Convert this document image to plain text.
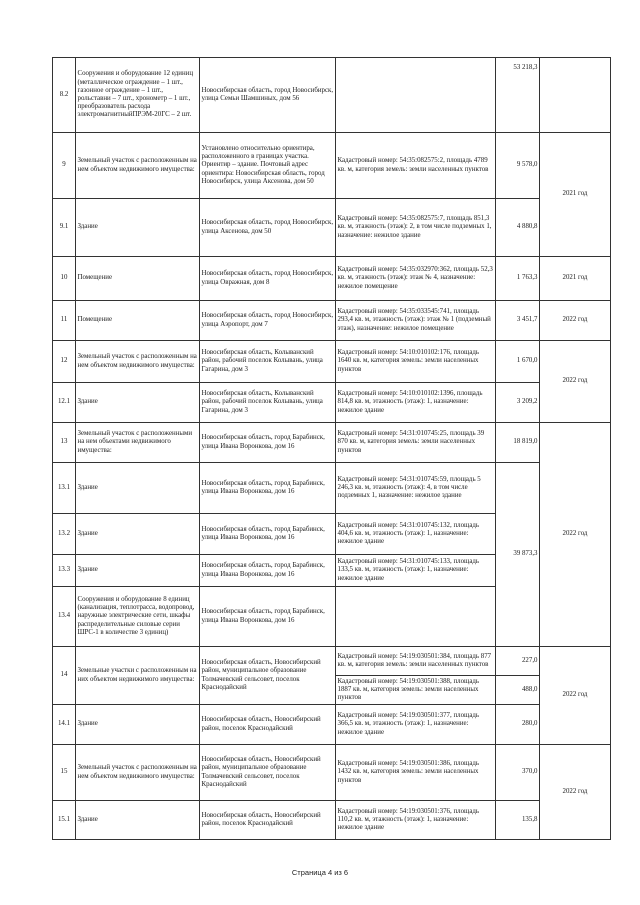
8.2	Сооружения и оборудование 12 единиц (металлическое ограждение – 1 шт., газонное ограждение – 1 шт., рольставни – 7 шт., хронометр – 1 шт., преобразователь расхода электромагнитныйПРЭМ-20ГС – 2 шт.	Новосибирская область, город Новосибирск, улица Семьи Шамшиных, дом 56		53 218,3	
9	Земельный участок с расположенным на нем объектом недвижимого имущества:	Установлено относительно ориентира, расположенного в границах участка. Ориентир – здание. Почтовый адрес ориентира: Новосибирская область, город Новосибирск, улица Аксенова, дом 50	Кадастровый номер: 54:35:082575:2, площадь 4789 кв. м, категория земель: земли населенных пунктов	9 578,0	2021 год
9.1	Здание	Новосибирская область, город Новосибирск, улица Аксенова, дом 50	Кадастровый номер: 54:35:082575:7, площадь 851,3 кв. м, этажность (этаж): 2, в том числе подземных 1, назначение: нежилое здание	4 880,8	
10	Помещение	Новосибирская область, город Новосибирск, улица Овражная, дом 8	Кадастровый номер: 54:35:032970:362, площадь 52,3 кв. м, этажность (этаж): этаж № 4, назначение: нежилое помещение	1 763,3	2021 год
11	Помещение	Новосибирская область, город Новосибирск, улица Аэропорт, дом 7	Кадастровый номер: 54:35:033545:741, площадь 293,4 кв. м, этажность (этаж): этаж № 1 (подземный этаж), назначение: нежилое помещение	3 451,7	2022 год
12	Земельный участок с расположенным на нем объектом недвижимого имущества:	Новосибирская область, Колыванский район, рабочий поселок Колывань, улица Гагарина, дом 3	Кадастровый номер: 54:10:010102:176, площадь 1640 кв. м, категория земель: земли населенных пунктов	1 670,0	2022 год
12.1	Здание	Новосибирская область, Колыванский район, рабочий поселок Колывань, улица Гагарина, дом 3	Кадастровый номер: 54:10:010102:1396, площадь 814,8 кв. м, этажность (этаж): 1, назначение: нежилое здание	3 209,2	
13	Земельный участок с расположенными на нем объектами недвижимого имущества:	Новосибирская область, город Барабинск, улица Ивана Воронкова, дом 16	Кадастровый номер: 54:31:010745:25, площадь 39 870 кв. м, категория земель: земли населенных пунктов	18 819,0	2022 год
13.1	Здание	Новосибирская область, город Барабинск, улица Ивана Воронкова, дом 16	Кадастровый номер: 54:31:010745:59, площадь 5 246,3 кв. м, этажность (этаж): 4, в том числе подземных 1, назначение: нежилое здание	39 873,3	
13.2	Здание	Новосибирская область, город Барабинск, улица Ивана Воронкова, дом 16	Кадастровый номер: 54:31:010745:132, площадь 404,6 кв. м, этажность (этаж): 1, назначение: нежилое здание		
13.3	Здание	Новосибирская область, город Барабинск, улица Ивана Воронкова, дом 16	Кадастровый номер: 54:31:010745:133, площадь 133,5 кв. м, этажность (этаж): 1, назначение: нежилое здание		
13.4	Сооружения и оборудование 8 единиц (канализация, теплотрасса, водопровод, наружные электрические сети, шкафы распределительные силовые серии ШРС-1 в количестве 3 единиц)	Новосибирская область, город Барабинск, улица Ивана Воронкова, дом 16			
14	Земельные участки с расположенным на них объектом недвижимого имущества:	Новосибирская область, Новосибирский район, муниципальное образование Толмачевский сельсовет, поселок Краснодайский	Кадастровый номер: 54:19:030501:384, площадь 877 кв. м, категория земель: земли населенных пунктов	227,0	2022 год
			Кадастровый номер: 54:19:030501:388, площадь 1887 кв. м, категория земель: земли населенных пунктов	488,0	
14.1	Здание	Новосибирская область, Новосибирский район, поселок Краснодайский	Кадастровый номер: 54:19:030501:377, площадь 366,5 кв. м, этажность (этаж): 1, назначение: нежилое здание	280,0	
15	Земельный участок с расположенным на нем объектом недвижимого имущества:	Новосибирская область, Новосибирский район, муниципальное образование Толмачевский сельсовет, поселок Краснодайский	Кадастровый номер: 54:19:030501:386, площадь 1432 кв. м, категория земель: земли населенных пунктов	370,0	2022 год
15.1	Здание	Новосибирская область, Новосибирский район, поселок Краснодайский	Кадастровый номер: 54:19:030501:376, площадь 110,2 кв. м, этажность (этаж): 1, назначение: нежилое здание	135,8	
Страница 4 из 6
